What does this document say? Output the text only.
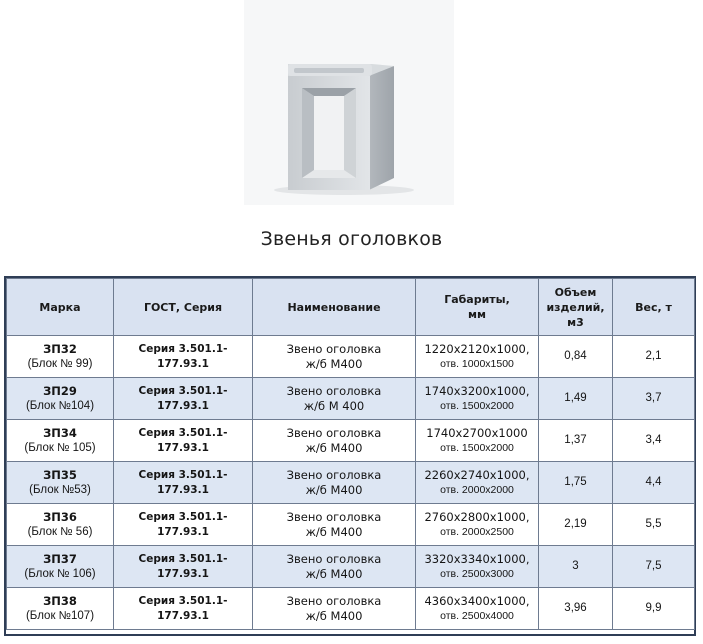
Звенья оголовков
Марка	ГОСТ, Серия	Наименование	Габариты,
мм	Объем
изделий,
м3	Вес, т

ЗП32
(Блок № 99)	Серия 3.501.1-177.93.1	Звено оголовка
ж/б М400	1220х2120х1000,
отв. 1000х1500	0,84	2,1

ЗП29
(Блок №104)	Серия 3.501.1-177.93.1	Звено оголовка
ж/б М 400	1740х3200х1000,
отв. 1500х2000	1,49	3,7

ЗП34
(Блок № 105)	Серия 3.501.1-177.93.1	Звено оголовка
ж/б М400	1740х2700х1000
отв. 1500х2000	1,37	3,4

ЗП35
(Блок №53)	Серия 3.501.1-177.93.1	Звено оголовка
ж/б М400	2260х2740х1000,
отв. 2000х2000	1,75	4,4

ЗП36
(Блок № 56)	Серия 3.501.1-177.93.1	Звено оголовка
ж/б М400	2760х2800х1000,
отв. 2000х2500	2,19	5,5

ЗП37
(Блок № 106)	Серия 3.501.1-177.93.1	Звено оголовка
ж/б М400	3320х3340х1000,
отв. 2500х3000	3	7,5

ЗП38
(Блок №107)	Серия 3.501.1-177.93.1	Звено оголовка
ж/б М400	4360х3400х1000,
отв. 2500х4000	3,96	9,9
